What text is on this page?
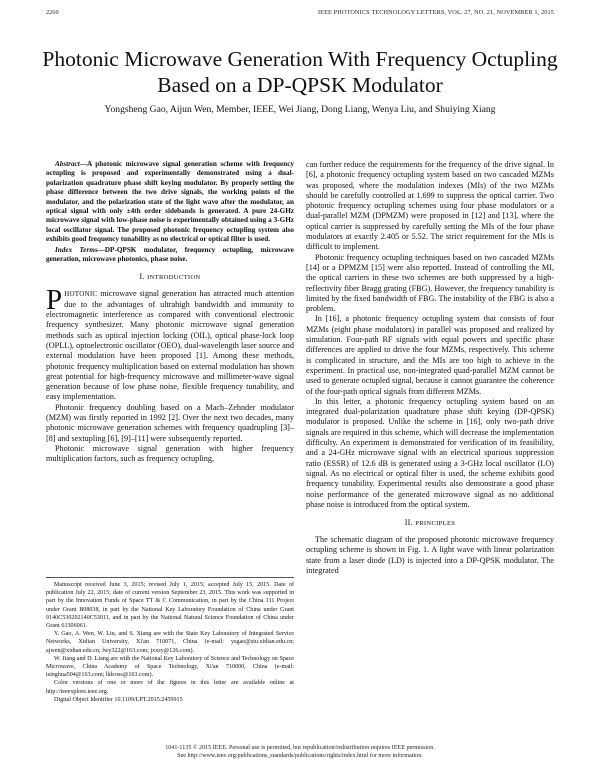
2260	IEEE PHOTONICS TECHNOLOGY LETTERS, VOL. 27, NO. 21, NOVEMBER 1, 2015
Photonic Microwave Generation With Frequency Octupling Based on a DP-QPSK Modulator
Yongsheng Gao, Aijun Wen, Member, IEEE, Wei Jiang, Dong Liang, Wenya Liu, and Shuiying Xiang

Abstract—A photonic microwave signal generation scheme with frequency octupling is proposed and experimentally demonstrated using a dual-polarization quadrature phase shift keying modulator. By properly setting the phase difference between the two drive signals, the working points of the modulator, and the polarization state of the light wave after the modulator, an optical signal with only ±4th order sidebands is generated. A pure 24-GHz microwave signal with low-phase noise is experimentally obtained using a 3-GHz local oscillator signal. The proposed photonic frequency octupling system also exhibits good frequency tunability as no electrical or optical filter is used.

Index Terms—DP-QPSK modulator, frequency octupling, microwave generation, microwave photonics, phase noise.

I. INTRODUCTION

PHOTONIC microwave signal generation has attracted much attention due to the advantages of ultrahigh bandwidth and immunity to electromagnetic interference as compared with conventional electronic frequency synthesizer. Many photonic microwave signal generation methods such as optical injection locking (OIL), optical phase-lock loop (OPLL), optoelectronic oscillator (OEO), dual-wavelength laser source and external modulation have been proposed [1]. Among these methods, photonic frequency multiplication based on external modulation has shown great potential for high-frequency microwave and millimeter-wave signal generation because of low phase noise, flexible frequency tunability, and easy implementation.

Photonic frequency doubling based on a Mach–Zehnder modulator (MZM) was firstly reported in 1992 [2]. Over the next two decades, many photonic microwave generation schemes with frequency quadrupling [3]–[8] and sextupling [6], [9]–[11] were subsequently reported.

Photonic microwave signal generation with higher frequency multiplication factors, such as frequency octupling,

Manuscript received June 3, 2015; revised July 1, 2015; accepted July 15, 2015. Date of publication July 22, 2015; date of current version September 23, 2015. This work was supported in part by the Innovation Funds of Space TT & C Communication, in part by the China 111 Project under Grant B08038, in part by the National Key Laboratory Foundation of China under Grant 9140C530202140C53011, and in part by the National Natural Science Foundation of China under Grant 61306061.

Y. Gao, A. Wen, W. Liu, and S. Xiang are with the State Key Laboratory of Integrated Service Networks, Xidian University, Xi'an 710071, China (e-mail: ysgao@stu.xidian.edu.cn; ajwen@xidian.edu.cn; lwy322@163.com; jxxsy@126.com).

W. Jiang and D. Liang are with the National Key Laboratory of Science and Technology on Space Microwave, China Academy of Space Technology, Xi'an 710000, China (e-mail: tsinghua504@163.com; lldcoss@163.com).

Color versions of one or more of the figures in this letter are available online at http://ieeexplore.ieee.org.

Digital Object Identifier 10.1109/LPT.2015.2459915

can further reduce the requirements for the frequency of the drive signal. In [6], a photonic frequency octupling system based on two cascaded MZMs was proposed, where the modulation indexes (MIs) of the two MZMs should be carefully controlled at 1.699 to suppress the optical carrier. Two photonic frequency octupling schemes using four phase modulators or a dual-parallel MZM (DPMZM) were proposed in [12] and [13], where the optical carrier is suppressed by carefully setting the MIs of the four phase modulators at exactly 2.405 or 5.52. The strict requirement for the MIs is difficult to implement.

Photonic frequency octupling techniques based on two cascaded MZMs [14] or a DPMZM [15] were also reported. Instead of controlling the MI, the optical carriers in these two schemes are both suppressed by a high-reflectivity fiber Bragg grating (FBG). However, the frequency tunability is limited by the fixed bandwidth of FBG. The instability of the FBG is also a problem.

In [16], a photonic frequency octupling system that consists of four MZMs (eight phase modulators) in parallel was proposed and realized by simulation. Four-path RF signals with equal powers and specific phase differences are applied to drive the four MZMs, respectively. This scheme is complicated in structure, and the MIs are too high to achieve in the experiment. In practical use, non-integrated quad-parallel MZM cannot be used to generate octupled signal, because it cannot guarantee the coherence of the four-path optical signals from different MZMs.

In this letter, a photonic frequency octupling system based on an integrated dual-polarization quadrature phase shift keying (DP-QPSK) modulator is proposed. Unlike the scheme in [16], only two-path drive signals are required in this scheme, which will decrease the implementation difficulty. An experiment is demonstrated for verification of its feasibility, and a 24-GHz microwave signal with an electrical spurious suppression ratio (ESSR) of 12.6 dB is generated using a 3-GHz local oscillator (LO) signal. As no electrical or optical filter is used, the scheme exhibits good frequency tunability. Experimental results also demonstrate a good phase noise performance of the generated microwave signal as no additional phase noise is introduced from the optical system.

II. PRINCIPLES

The schematic diagram of the proposed photonic microwave frequency octupling scheme is shown in Fig. 1. A light wave with linear polarization state from a laser diode (LD) is injected into a DP-QPSK modulator. The integrated

1041-1135 © 2015 IEEE. Personal use is permitted, but republication/redistribution requires IEEE permission.
See http://www.ieee.org/publications_standards/publications/rights/index.html for more information.
